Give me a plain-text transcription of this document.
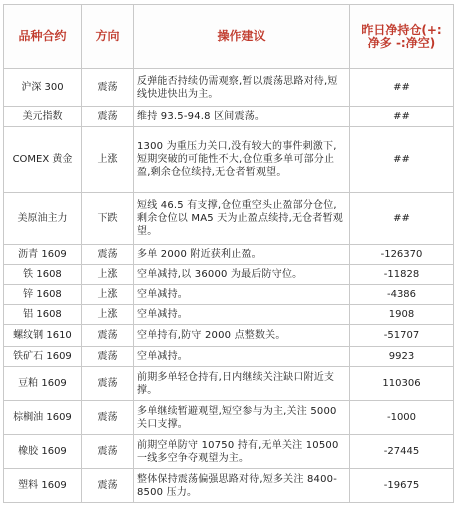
品种合约	方向	操作建议	昨日净持仓(+:
净多 -:净空)

沪深 300	震荡	反弹能否持续仍需观察,暂以震荡思路对待,短线快进快出为主。	##
美元指数	震荡	维持 93.5-94.8 区间震荡。	##
COMEX 黄金	上涨	1300 为重压力关口,没有较大的事件刺激下,短期突破的可能性不大,仓位重多单可部分止盈,剩余仓位续持,无仓者暂观望。	##
美原油主力	下跌	短线 46.5 有支撑,仓位重空头止盈部分仓位,剩余仓位以 MA5 天为止盈点续持,无仓者暂观望。	##
沥青 1609	震荡	多单 2000 附近获利止盈。	-126370
铁 1608	上涨	空单减持,以 36000 为最后防守位。	-11828
锌 1608	上涨	空单减持。	-4386
铝 1608	上涨	空单减持。	1908
螺纹钢 1610	震荡	空单持有,防守 2000 点整数关。	-51707
铁矿石 1609	震荡	空单减持。	9923
豆粕 1609	震荡	前期多单轻仓持有,日内继续关注缺口附近支撑。	110306
棕榈油 1609	震荡	多单继续暂避观望,短空参与为主,关注 5000 关口支撑。	-1000
橡胶 1609	震荡	前期空单防守 10750 持有,无单关注 10500 一线多空争夺观望为主。	-27445
塑料 1609	震荡	整体保持震荡偏强思路对待,短多关注 8400-8500 压力。	-19675
